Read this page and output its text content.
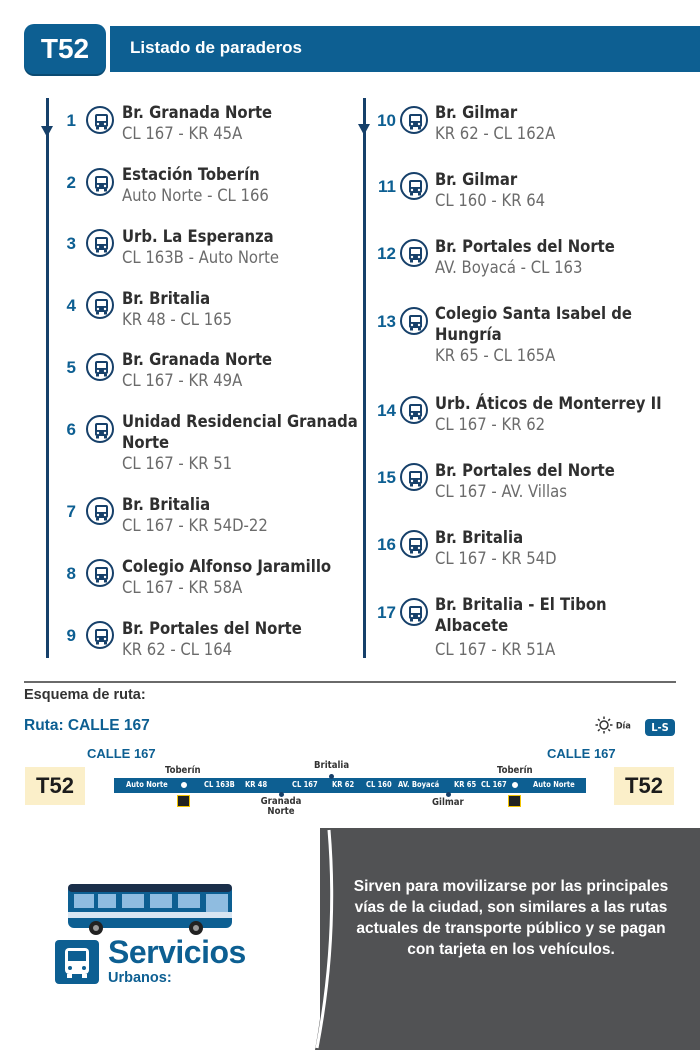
T52	Listado de paraderos
1	Br. Granada Norte
CL 167 - KR 45A
2	Estación Toberín
Auto Norte - CL 166
3	Urb. La Esperanza
CL 163B - Auto Norte
4	Br. Britalia
KR 48 - CL 165
5	Br. Granada Norte
CL 167 - KR 49A
6	Unidad Residencial Granada
Norte
CL 167 - KR 51
7	Br. Britalia
CL 167 - KR 54D-22
8	Colegio Alfonso Jaramillo
CL 167 - KR 58A
9	Br. Portales del Norte
KR 62 - CL 164
10 Br. Gilmar
KR 62 - CL 162A
11 Br. Gilmar
CL 160 - KR 64
12 Br. Portales del Norte
AV. Boyacá - CL 163
13 Colegio Santa Isabel de
Hungría
KR 65 - CL 165A
14 Urb. Áticos de Monterrey II
CL 167 - KR 62
15 Br. Portales del Norte
CL 167 - AV. Villas
16 Br. Britalia
CL 167 - KR 54D
17 Br. Britalia - El Tibon
Albacete
CL 167 - KR 51A
Esquema de ruta:
Ruta: CALLE 167	Día	L-S
CALLE 167	CALLE 167
T52	T52
Auto Norte	CL 163B KR 48	CL 167 KR 62 CL 160 AV. Boyacá KR 65 CL 167	Auto Norte
Toberín	Britalia	Toberín
Granada Norte
Gilmar
Sirven para movilizarse por las principales vías de la ciudad, son similares a las rutas actuales de transporte público y se pagan con tarjeta en los vehículos.
Servicios
Urbanos:
